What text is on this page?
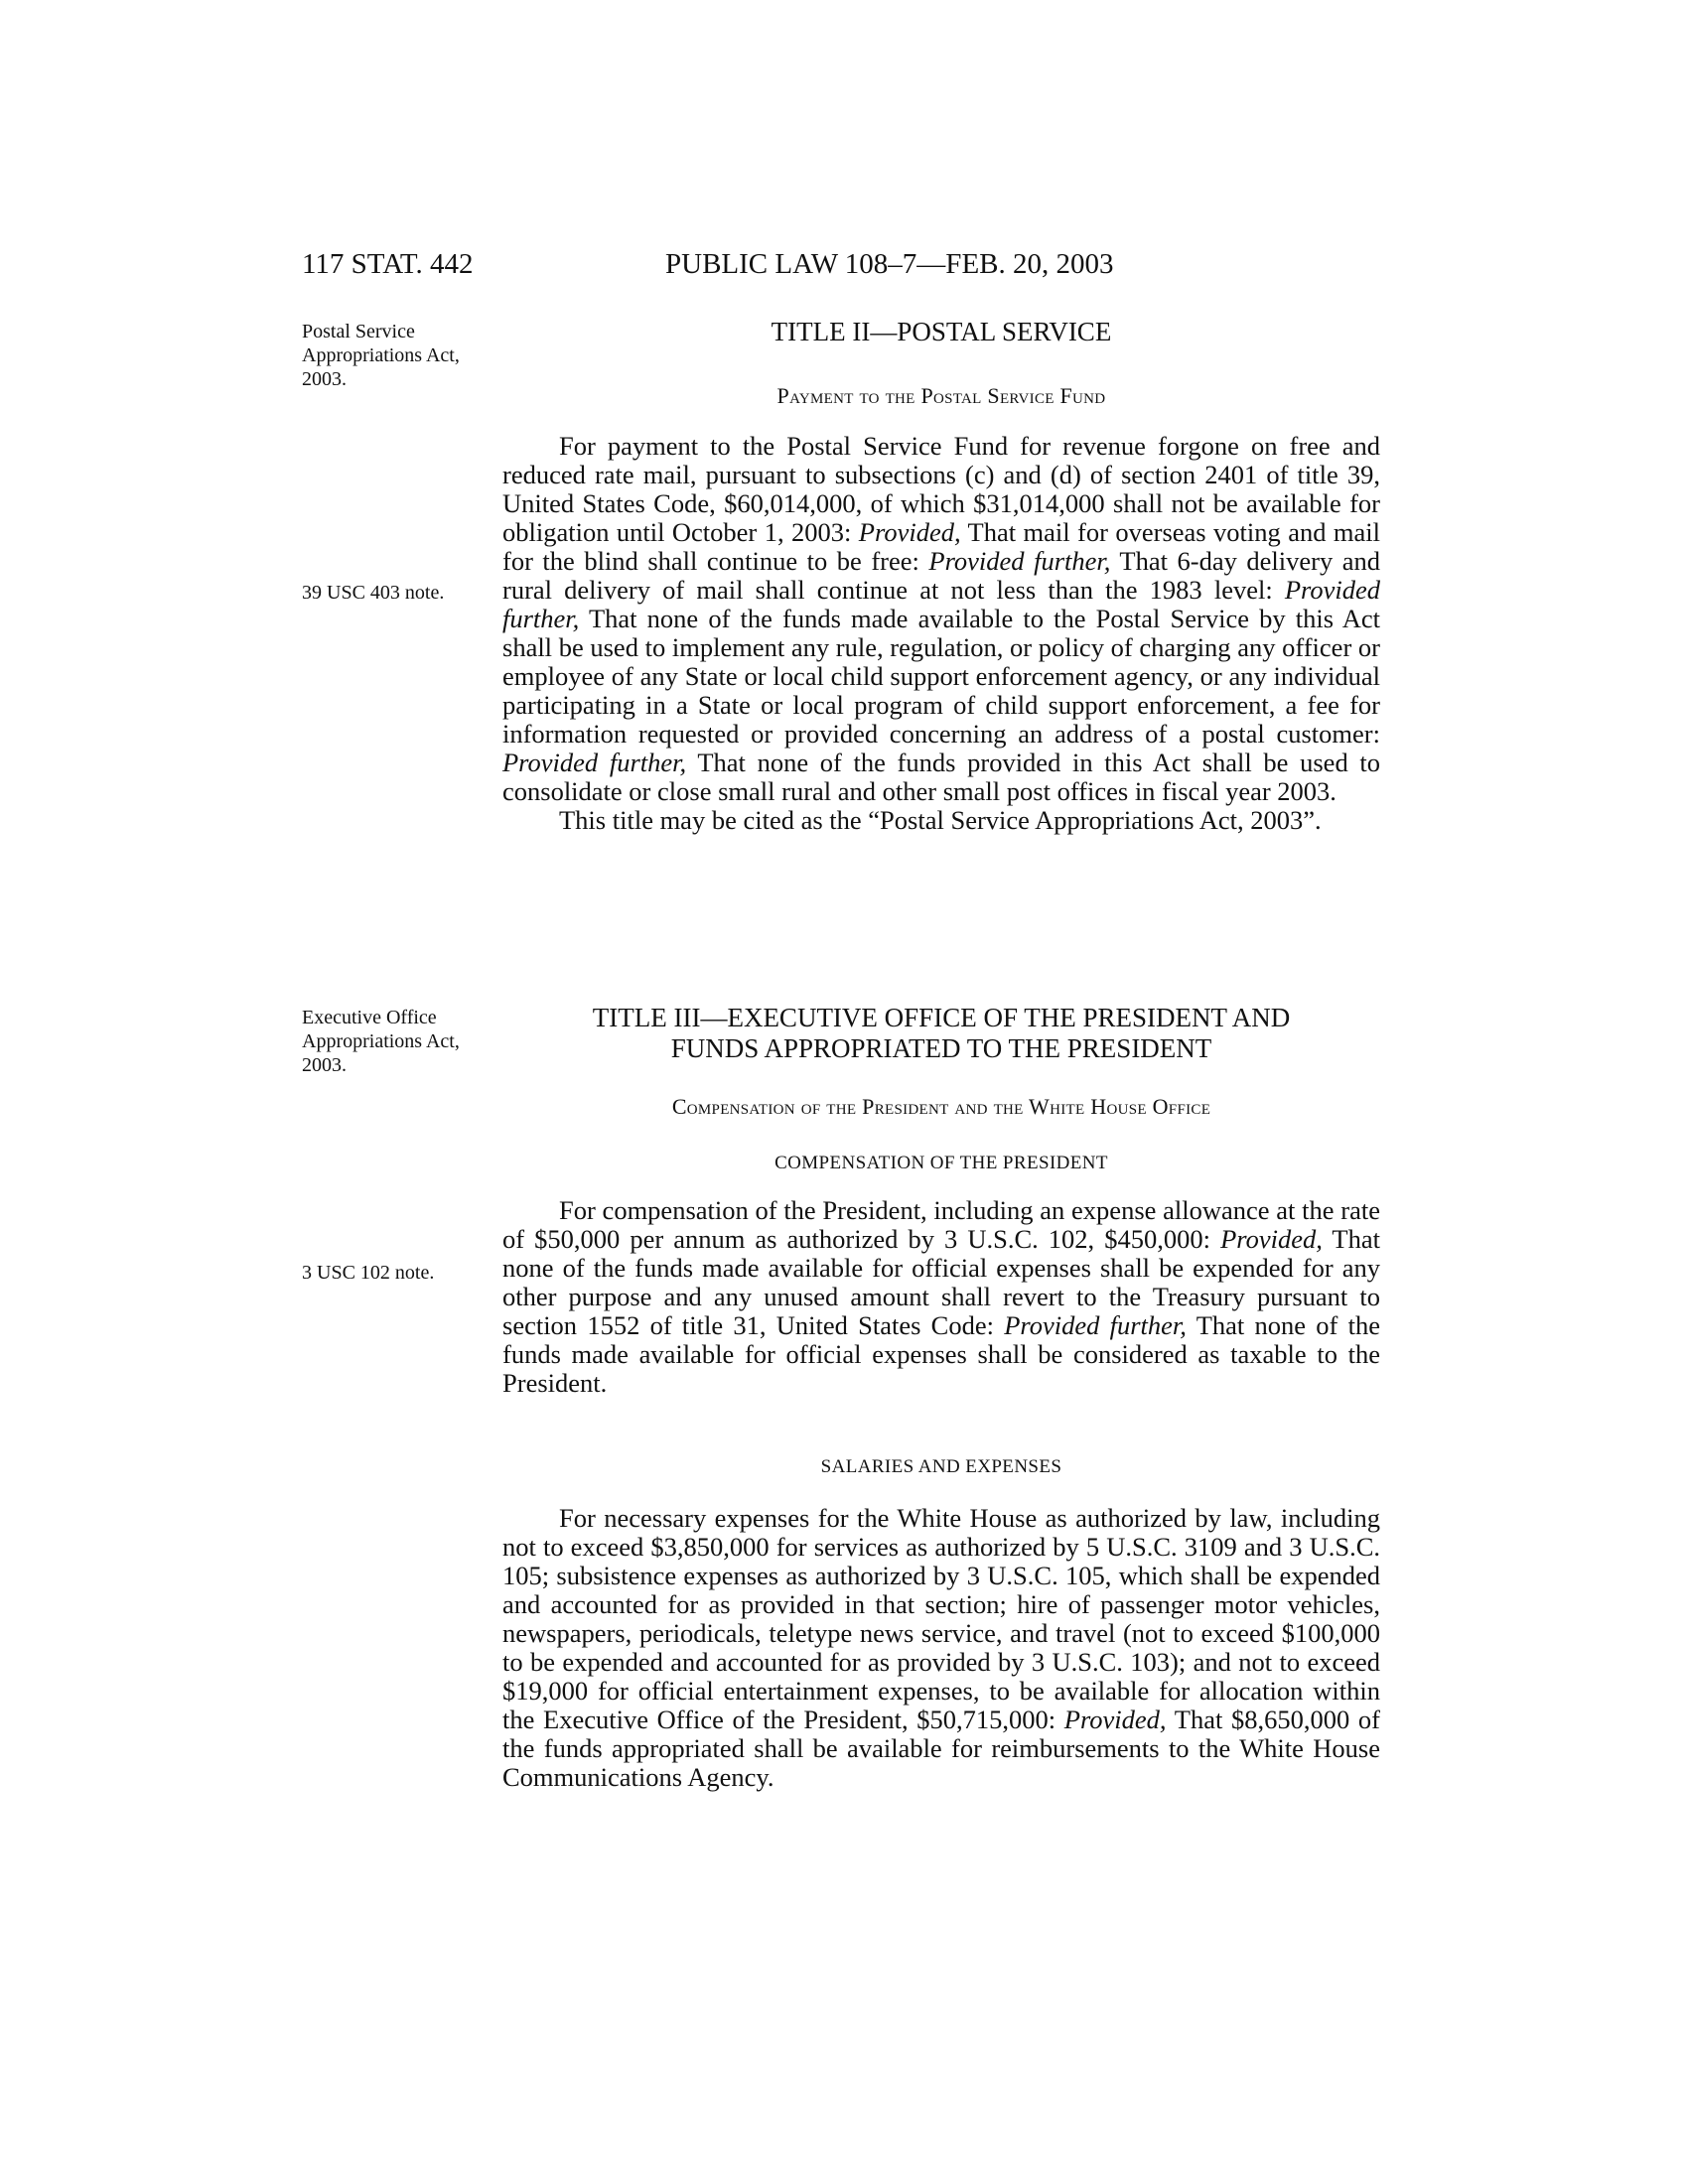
117 STAT. 442	PUBLIC LAW 108–7—FEB. 20, 2003
Postal Service Appropriations Act, 2003.
39 USC 403 note.
Executive Office Appropriations Act, 2003.
3 USC 102 note.
TITLE II—POSTAL SERVICE
Payment to the Postal Service Fund

For payment to the Postal Service Fund for revenue forgone on free and reduced rate mail, pursuant to subsections (c) and (d) of section 2401 of title 39, United States Code, $60,014,000, of which $31,014,000 shall not be available for obligation until October 1, 2003: Provided, That mail for overseas voting and mail for the blind shall continue to be free: Provided further, That 6-day delivery and rural delivery of mail shall continue at not less than the 1983 level: Provided further, That none of the funds made available to the Postal Service by this Act shall be used to implement any rule, regulation, or policy of charging any officer or employee of any State or local child support enforcement agency, or any individual participating in a State or local program of child support enforcement, a fee for information requested or provided concerning an address of a postal customer: Provided further, That none of the funds provided in this Act shall be used to consolidate or close small rural and other small post offices in fiscal year 2003.

This title may be cited as the “Postal Service Appropriations Act, 2003”.

TITLE III—EXECUTIVE OFFICE OF THE PRESIDENT AND
FUNDS APPROPRIATED TO THE PRESIDENT
Compensation of the President and the White House Office
COMPENSATION OF THE PRESIDENT

For compensation of the President, including an expense allowance at the rate of $50,000 per annum as authorized by 3 U.S.C. 102, $450,000: Provided, That none of the funds made available for official expenses shall be expended for any other purpose and any unused amount shall revert to the Treasury pursuant to section 1552 of title 31, United States Code: Provided further, That none of the funds made available for official expenses shall be considered as taxable to the President.

SALARIES AND EXPENSES

For necessary expenses for the White House as authorized by law, including not to exceed $3,850,000 for services as authorized by 5 U.S.C. 3109 and 3 U.S.C. 105; subsistence expenses as authorized by 3 U.S.C. 105, which shall be expended and accounted for as provided in that section; hire of passenger motor vehicles, newspapers, periodicals, teletype news service, and travel (not to exceed $100,000 to be expended and accounted for as provided by 3 U.S.C. 103); and not to exceed $19,000 for official entertainment expenses, to be available for allocation within the Executive Office of the President, $50,715,000: Provided, That $8,650,000 of the funds appropriated shall be available for reimbursements to the White House Communications Agency.
